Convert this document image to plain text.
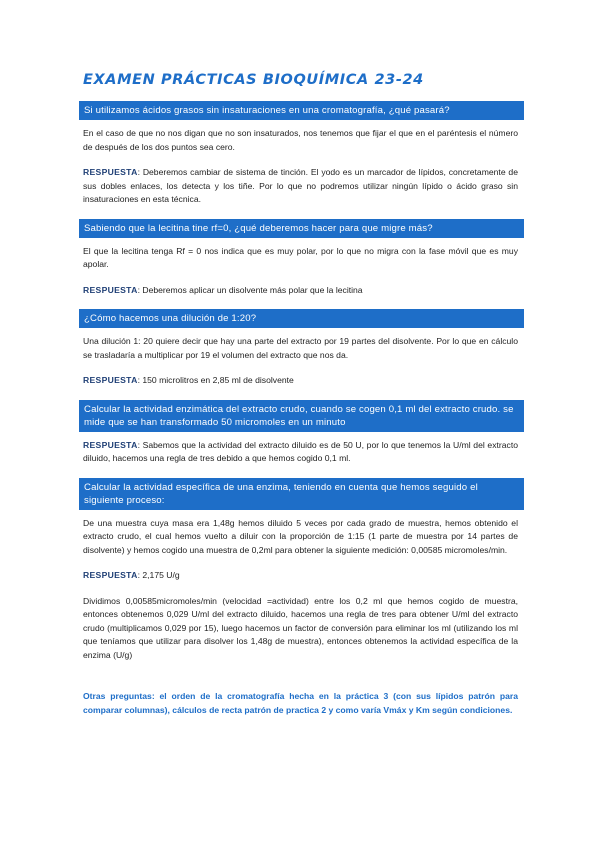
EXAMEN PRÁCTICAS BIOQUÍMICA 23-24
Si utilizamos ácidos grasos sin insaturaciones en una cromatografía, ¿qué pasará?

En el caso de que no nos digan que no son insaturados, nos tenemos que fijar el que en el paréntesis el número de después de los dos puntos sea cero.

RESPUESTA: Deberemos cambiar de sistema de tinción. El yodo es un marcador de lípidos, concretamente de sus dobles enlaces, los detecta y los tiñe. Por lo que no podremos utilizar ningún lípido o ácido graso sin insaturaciones en esta técnica.

Sabiendo que la lecitina tine rf=0, ¿qué deberemos hacer para que migre más?

El que la lecitina tenga Rf = 0 nos indica que es muy polar, por lo que no migra con la fase móvil que es muy apolar.

RESPUESTA: Deberemos aplicar un disolvente más polar que la lecitina

¿Cómo hacemos una dilución de 1:20?

Una dilución 1: 20 quiere decir que hay una parte del extracto por 19 partes del disolvente. Por lo que en cálculo se trasladaría a multiplicar por 19 el volumen del extracto que nos da.

RESPUESTA: 150 microlitros en 2,85 ml de disolvente

Calcular la actividad enzimática del extracto crudo, cuando se cogen 0,1 ml del extracto crudo. se mide que se han transformado 50 micromoles en un minuto

RESPUESTA: Sabemos que la actividad del extracto diluido es de 50 U, por lo que tenemos la U/ml del extracto diluido, hacemos una regla de tres debido a que hemos cogido 0,1 ml.

Calcular la actividad específica de una enzima, teniendo en cuenta que hemos seguido el siguiente proceso:

De una muestra cuya masa era 1,48g hemos diluido 5 veces por cada grado de muestra, hemos obtenido el extracto crudo, el cual hemos vuelto a diluir con la proporción de 1:15 (1 parte de muestra por 14 partes de disolvente) y hemos cogido una muestra de 0,2ml para obtener la siguiente medición: 0,00585 micromoles/min.

RESPUESTA: 2,175 U/g

Dividimos 0,00585micromoles/min (velocidad =actividad) entre los 0,2 ml que hemos cogido de muestra, entonces obtenemos 0,029 U/ml del extracto diluido, hacemos una regla de tres para obtener U/ml del extracto crudo (multiplicamos 0,029 por 15), luego hacemos un factor de conversión para eliminar los ml (utilizando los ml que teníamos que utilizar para disolver los 1,48g de muestra), entonces obtenemos la actividad específica de la enzima (U/g)

Otras preguntas: el orden de la cromatografía hecha en la práctica 3 (con sus lípidos patrón para comparar columnas), cálculos de recta patrón de practica 2 y como varía Vmáx y Km según condiciones.
